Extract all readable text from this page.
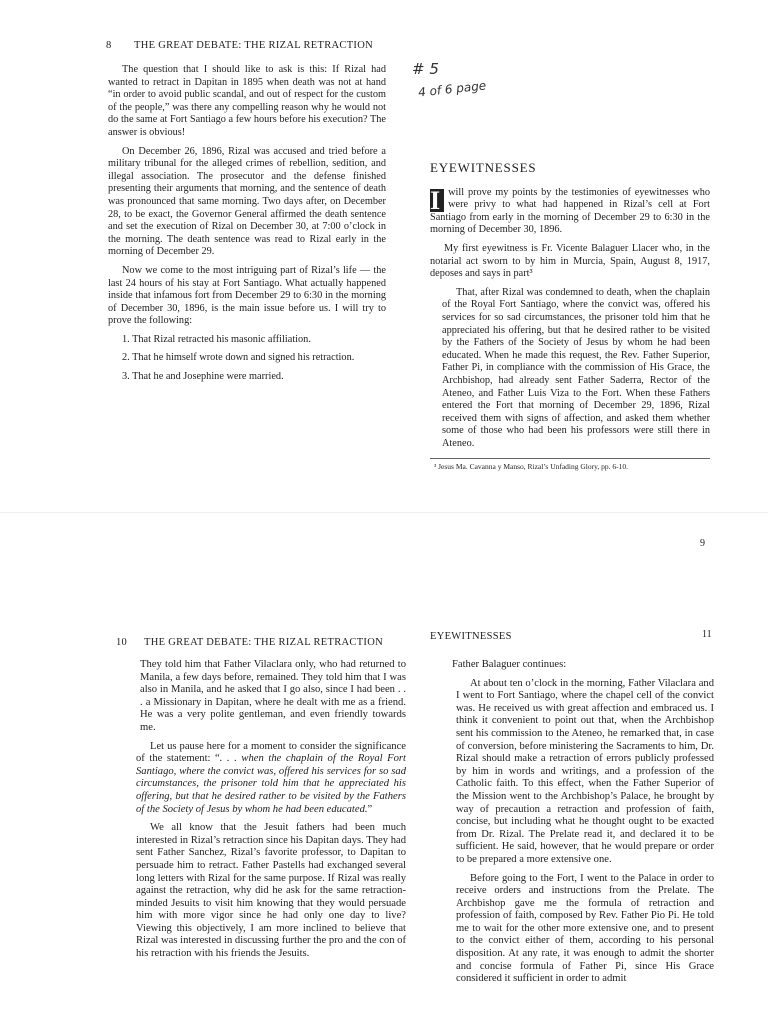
8 THE GREAT DEBATE: THE RIZAL RETRACTION

The question that I should like to ask is this: If Rizal had wanted to retract in Dapitan in 1895 when death was not at hand “in order to avoid public scandal, and out of respect for the custom of the people,” was there any compelling reason why he would not do the same at Fort Santiago a few hours before his execution? The answer is obvious!

On December 26, 1896, Rizal was accused and tried before a military tribunal for the alleged crimes of rebellion, sedition, and illegal association. The prosecutor and the defense finished presenting their arguments that morning, and the sentence of death was pronounced that same morning. Two days after, on December 28, to be exact, the Governor General affirmed the death sentence and set the execution of Rizal on December 30, at 7:00 o’clock in the morning. The death sentence was read to Rizal early in the morning of December 29.

Now we come to the most intriguing part of Rizal’s life — the last 24 hours of his stay at Fort Santiago. What actually happened inside that infamous fort from December 29 to 6:30 in the morning of December 30, 1896, is the main issue before us. I will try to prove the following:

1. That Rizal retracted his masonic affiliation.
2. That he himself wrote down and signed his retraction.
3. That he and Josephine were married.
# 5
4 of 6 page
EYEWITNESSES

I will prove my points by the testimonies of eyewitnesses who were privy to what had happened in Rizal’s cell at Fort Santiago from early in the morning of December 29 to 6:30 in the morning of December 30, 1896.

My first eyewitness is Fr. Vicente Balaguer Llacer who, in the notarial act sworn to by him in Murcia, Spain, August 8, 1917, deposes and says in part³

That, after Rizal was condemned to death, when the chaplain of the Royal Fort Santiago, where the convict was, offered his services for so sad circumstances, the prisoner told him that he appreciated his offering, but that he desired rather to be visited by the Fathers of the Society of Jesus by whom he had been educated. When he made this request, the Rev. Father Superior, Father Pi, in compliance with the commission of His Grace, the Archbishop, had already sent Father Saderra, Rector of the Ateneo, and Father Luis Viza to the Fort. When these Fathers entered the Fort that morning of December 29, 1896, Rizal received them with signs of affection, and asked them whether some of those who had been his professors were still there in Ateneo.

³ Jesus Ma. Cavanna y Manso, Rizal’s Unfading Glory, pp. 6-10.
9
10 THE GREAT DEBATE: THE RIZAL RETRACTION

They told him that Father Vilaclara only, who had returned to Manila, a few days before, remained. They told him that I was also in Manila, and he asked that I go also, since I had been . . . a Missionary in Dapitan, where he dealt with me as a friend. He was a very polite gentleman, and even friendly towards me.

Let us pause here for a moment to consider the significance of the statement: “. . . when the chaplain of the Royal Fort Santiago, where the convict was, offered his services for so sad circumstances, the prisoner told him that he appreciated his offering, but that he desired rather to be visited by the Fathers of the Society of Jesus by whom he had been educated.”

We all know that the Jesuit fathers had been much interested in Rizal’s retraction since his Dapitan days. They had sent Father Sanchez, Rizal’s favorite professor, to Dapitan to persuade him to retract. Father Pastells had exchanged several long letters with Rizal for the same purpose. If Rizal was really against the retraction, why did he ask for the same retraction-minded Jesuits to visit him knowing that they would persuade him with more vigor since he had only one day to live? Viewing this objectively, I am more inclined to believe that Rizal was interested in discussing further the pro and the con of his retraction with his friends the Jesuits.

EYEWITNESSES	11

Father Balaguer continues:

At about ten o’clock in the morning, Father Vilaclara and I went to Fort Santiago, where the chapel cell of the convict was. He received us with great affection and embraced us. I think it convenient to point out that, when the Archbishop sent his commission to the Ateneo, he remarked that, in case of conversion, before ministering the Sacraments to him, Dr. Rizal should make a retraction of errors publicly professed by him in words and writings, and a profession of the Catholic faith. To this effect, when the Father Superior of the Mission went to the Archbishop’s Palace, he brought by way of precaution a retraction and profession of faith, concise, but including what he thought ought to be exacted from Dr. Rizal. The Prelate read it, and declared it to be sufficient. He said, however, that he would prepare or order to be prepared a more extensive one.

Before going to the Fort, I went to the Palace in order to receive orders and instructions from the Prelate. The Archbishop gave me the formula of retraction and profession of faith, composed by Rev. Father Pio Pi. He told me to wait for the other more extensive one, and to present to the convict either of them, according to his personal disposition. At any rate, it was enough to admit the shorter and concise formula of Father Pi, since His Grace considered it sufficient in order to admit
